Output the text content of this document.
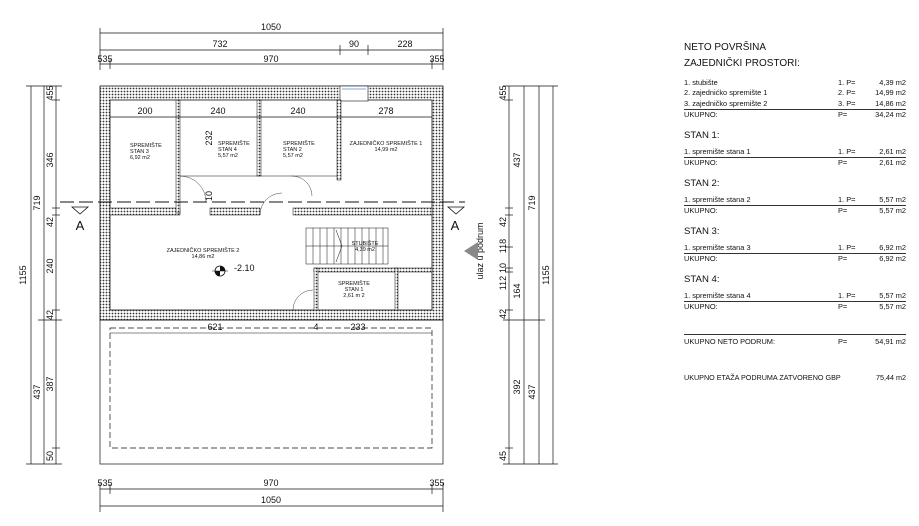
1050
732	90	228
535	970	355
200	240	240	278
232
10
621	4	233
SPREMIŠTE
STAN 3
6,92 m2
SPREMIŠTE
STAN 4
5,57 m2
SPREMIŠTE
STAN 2
5,57 m2
ZAJEDNIČKO SPREMIŠTE 1
14,99 m2
ZAJEDNIČKO SPREMIŠTE 2
14,86 m2
STUBIŠTE
4,39 m2
SPREMIŠTE
STAN 1
2,61 m 2
-2.10
A	A ulaz u podrum
1155
719
437
455
346
42
240
42
387
50
1155
719
437
455
437
42
118
10
112
164
42
392
45
535	970	355
1050
NETO POVRŠINA
ZAJEDNIČKI PROSTORI:
1. stubište	1. P=	4,39 m2
2. zajednićko spremište 1	2. P=	14,99 m2
3. zajedničko spremište 2	3. P=	14,86 m2
UKUPNO:	P=	34,24 m2
STAN 1:
1. spremište stana 1	1. P=	2,61 m2
UKUPNO:	P=	2,61 m2
STAN 2:
1. spremište stana 2	1. P=	5,57 m2
UKUPNO:	P=	5,57 m2
STAN 3:
1. spremište stana 3	1. P=	6,92 m2
UKUPNO:	P=	6,92 m2
STAN 4:
1. spremište stana 4	1. P=	5,57 m2
UKUPNO:	P=	5,57 m2
UKUPNO NETO PODRUM:	P=	54,91 m2
UKUPNO ETAŽA PODRUMA ZATVORENO GBP	75,44 m2
